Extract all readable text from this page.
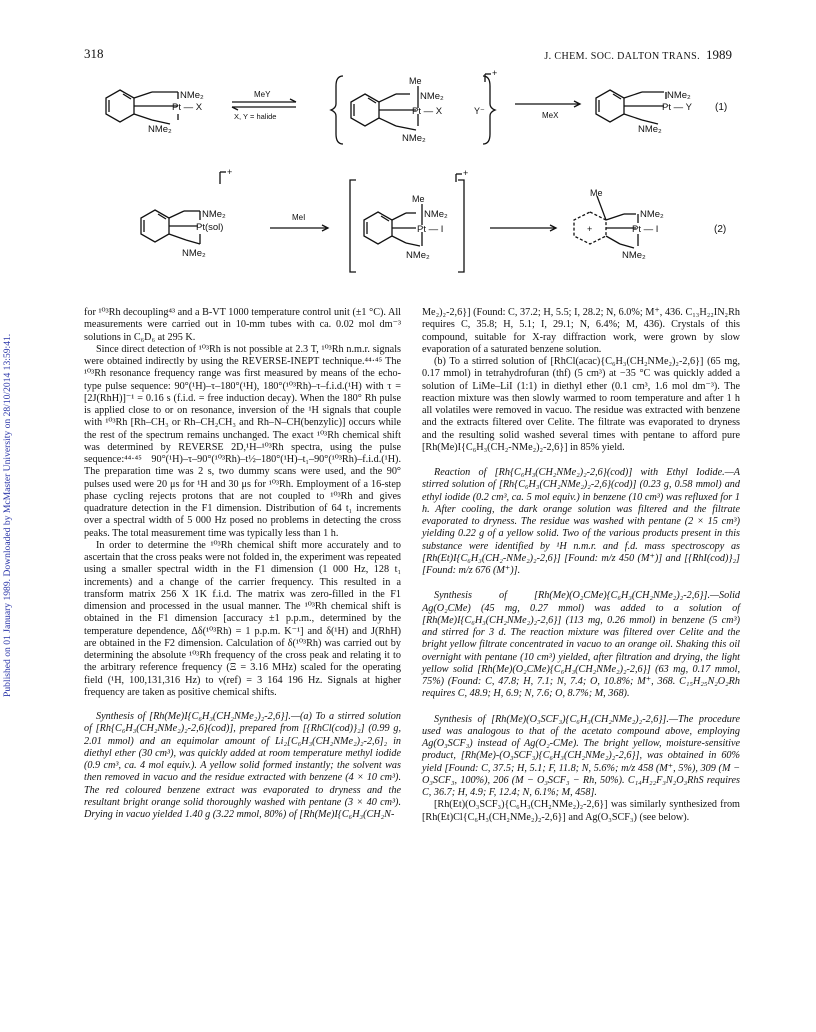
Published on 01 January 1989. Downloaded by McMaster University on 28/10/2014 13:59:41.
318	J. CHEM. SOC. DALTON TRANS. 1989
NMe₂
Pt — X
NMe₂
MeY
X, Y = halide
Me
NMe₂
Pt — X
NMe₂
Y⁻
+
MeX
NMe₂
Pt — Y
NMe₂
(1)
+
NMe₂
Pt(sol)
NMe₂
MeI
+
Me
NMe₂
Pt — I
NMe₂
+
Me
NMe₂
Pt — I
NMe₂
(2)

for ¹⁰³Rh decoupling⁴³ and a B-VT 1000 temperature control unit (±1 °C). All measurements were carried out in 10-mm tubes with ca. 0.02 mol dm⁻³ solutions in C₆D₆ at 295 K.

Since direct detection of ¹⁰³Rh is not possible at 2.3 T, ¹⁰³Rh n.m.r. signals were obtained indirectly by using the REVERSE-INEPT technique.⁴⁴·⁴⁵ The ¹⁰³Rh resonance frequency range was first measured by means of the echo-type pulse sequence: 90°(¹H)–τ–180°(¹H), 180°(¹⁰³Rh)–τ–f.i.d.(¹H) with τ = [2J(RhH)]⁻¹ = 0.16 s (f.i.d. = free induction decay). When the 180° Rh pulse is applied close to or on resonance, inversion of the ¹H signals that couple with ¹⁰³Rh [Rh–CH₃ or Rh–CH₂CH₃ and Rh–N–CH(benzylic)] occurs while the rest of the spectrum remains unchanged. The exact ¹⁰³Rh chemical shift was determined by REVERSE 2D,¹H–¹⁰³Rh spectra, using the pulse sequence:⁴⁴·⁴⁵ 90°(¹H)–τ–90°(¹⁰³Rh)–t½–180°(¹H)–t₁–90°(¹⁰³Rh)–f.i.d.(¹H). The preparation time was 2 s, two dummy scans were used, and the 90° pulses used were 20 μs for ¹H and 30 μs for ¹⁰³Rh. Employment of a 16-step phase cycling rejects protons that are not coupled to ¹⁰³Rh and gives quadrature detection in the F1 dimension. Distribution of 64 t₁ increments over a spectral width of 5 000 Hz posed no problems in detecting the cross peaks. The total measurement time was typically less than 1 h.

In order to determine the ¹⁰³Rh chemical shift more accurately and to ascertain that the cross peaks were not folded in, the experiment was repeated using a smaller spectral width in the F1 dimension (1 000 Hz, 128 t₁ increments) and a change of the carrier frequency. This resulted in a transform matrix 256 X 1K f.i.d. The matrix was zero-filled in the F1 dimension and processed in the usual manner. The ¹⁰³Rh chemical shift is obtained in the F1 dimension [accuracy ±1 p.p.m., determined by the temperature dependence, Δδ(¹⁰³Rh) = 1 p.p.m. K⁻¹] and δ(¹H) and J(RhH) are obtained in the F2 dimension. Calculation of δ(¹⁰³Rh) was carried out by determining the absolute ¹⁰³Rh frequency of the cross peak and relating it to the arbitrary reference frequency (Ξ = 3.16 MHz) scaled for the operating field (¹H, 100,131,316 Hz) to ν(ref) = 3 164 196 Hz. Signals at higher frequency are taken as positive chemical shifts.

Synthesis of [Rh(Me)I{C₆H₃(CH₂NMe₂)₂-2,6}].—(a) To a stirred solution of [Rh{C₆H₃(CH₂NMe₂)₂-2,6}(cod)], prepared from [{RhCl(cod)}₂] (0.99 g, 2.01 mmol) and an equimolar amount of Li₂[C₆H₃(CH₂NMe₂)₂-2,6]₂ in diethyl ether (30 cm³), was quickly added at room temperature methyl iodide (0.9 cm³, ca. 4 mol equiv.). A yellow solid formed instantly; the solvent was then removed in vacuo and the residue extracted with benzene (4 × 10 cm³). The red coloured benzene extract was evaporated to dryness and the resultant bright orange solid thoroughly washed with pentane (3 × 40 cm³). Drying in vacuo yielded 1.40 g (3.22 mmol, 80%) of [Rh(Me)I{C₆H₃(CH₂N-

Me₂)₂-2,6}] (Found: C, 37.2; H, 5.5; I, 28.2; N, 6.0%; M⁺, 436. C₁₃H₂₂IN₂Rh requires C, 35.8; H, 5.1; I, 29.1; N, 6.4%; M, 436). Crystals of this compound, suitable for X-ray diffraction work, were grown by slow evaporation of a saturated benzene solution.

(b) To a stirred solution of [RhCl(acac){C₆H₃(CH₂NMe₂)₂-2,6}] (65 mg, 0.17 mmol) in tetrahydrofuran (thf) (5 cm³) at −35 °C was quickly added a solution of LiMe–LiI (1:1) in diethyl ether (0.1 cm³, 1.6 mol dm⁻³). The reaction mixture was then slowly warmed to room temperature and after 1 h all volatiles were removed in vacuo. The residue was extracted with benzene and the extracts filtered over Celite. The filtrate was evaporated to dryness and the resulting solid washed several times with pentane to afford pure [Rh(Me)I{C₆H₃(CH₂-NMe₂)₂-2,6}] in 85% yield.

Reaction of [Rh{C₆H₃(CH₂NMe₂)₂-2,6}(cod)] with Ethyl Iodide.—A stirred solution of [Rh{C₆H₃(CH₂NMe₂)₂-2,6}(cod)] (0.23 g, 0.58 mmol) and ethyl iodide (0.2 cm³, ca. 5 mol equiv.) in benzene (10 cm³) was refluxed for 1 h. After cooling, the dark orange solution was filtered and the filtrate evaporated to dryness. The residue was washed with pentane (2 × 15 cm³) yielding 0.22 g of a yellow solid. Two of the various products present in this substance were identified by ¹H n.m.r. and f.d. mass spectroscopy as [Rh(Et)I{C₆H₃(CH₂-NMe₂)₂-2,6}] [Found: m/z 450 (M⁺)] and [{RhI(cod)}₂] [Found: m/z 676 (M⁺)].

Synthesis of [Rh(Me)(O₂CMe){C₆H₃(CH₂NMe₂)₂-2,6}].—Solid Ag(O₂CMe) (45 mg, 0.27 mmol) was added to a solution of [Rh(Me)I{C₆H₃(CH₂NMe₂)₂-2,6}] (113 mg, 0.26 mmol) in benzene (5 cm³) and stirred for 3 d. The reaction mixture was filtered over Celite and the bright yellow filtrate concentrated in vacuo to an orange oil. Shaking this oil overnight with pentane (10 cm³) yielded, after filtration and drying, the light yellow solid [Rh(Me)(O₂CMe){C₆H₃(CH₂NMe₂)₂-2,6}] (63 mg, 0.17 mmol, 75%) (Found: C, 47.8; H, 7.1; N, 7.4; O, 10.8%; M⁺, 368. C₁₅H₂₅N₂O₂Rh requires C, 48.9; H, 6.9; N, 7.6; O, 8.7%; M, 368).

Synthesis of [Rh(Me)(O₃SCF₃){C₆H₃(CH₂NMe₂)₂-2,6}].—The procedure used was analogous to that of the acetato compound above, employing Ag(O₃SCF₃) instead of Ag(O₂-CMe). The bright yellow, moisture-sensitive product, [Rh(Me)-(O₃SCF₃){C₆H₃(CH₂NMe₂)₂-2,6}], was obtained in 60% yield [Found: C, 37.5; H, 5.1; F, 11.8; N, 5.6%; m/z 458 (M⁺, 5%), 309 (M − O₃SCF₃, 100%), 206 (M − O₃SCF₃ − Rh, 50%). C₁₄H₂₂F₃N₂O₃RhS requires C, 36.7; H, 4.9; F, 12.4; N, 6.1%; M, 458].

[Rh(Et)(O₃SCF₃){C₆H₃(CH₂NMe₂)₂-2,6}] was similarly synthesized from [Rh(Et)Cl{C₆H₃(CH₂NMe₂)₂-2,6}] and Ag(O₃SCF₃) (see below).
